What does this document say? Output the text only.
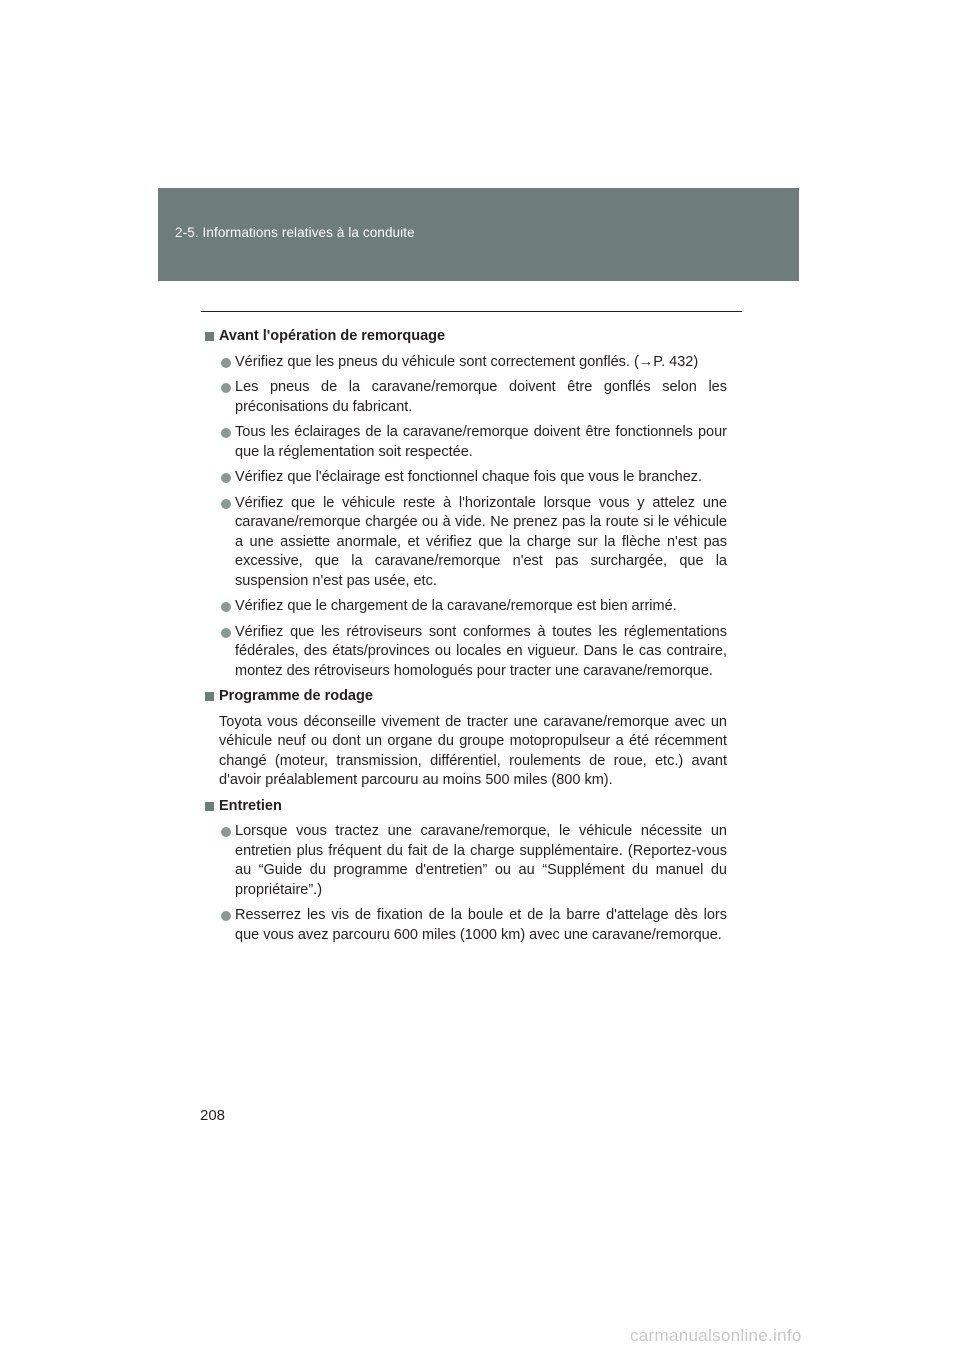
2-5. Informations relatives à la conduite
Avant l'opération de remorquage
Vérifiez que les pneus du véhicule sont correctement gonflés. (→P. 432)
Les pneus de la caravane/remorque doivent être gonflés selon les préconisations du fabricant.
Tous les éclairages de la caravane/remorque doivent être fonctionnels pour que la réglementation soit respectée.
Vérifiez que l'éclairage est fonctionnel chaque fois que vous le branchez.
Vérifiez que le véhicule reste à l'horizontale lorsque vous y attelez une caravane/remorque chargée ou à vide. Ne prenez pas la route si le véhicule a une assiette anormale, et vérifiez que la charge sur la flèche n'est pas excessive, que la caravane/remorque n'est pas surchargée, que la suspension n'est pas usée, etc.
Vérifiez que le chargement de la caravane/remorque est bien arrimé.
Vérifiez que les rétroviseurs sont conformes à toutes les réglementations fédérales, des états/provinces ou locales en vigueur. Dans le cas contraire, montez des rétroviseurs homologués pour tracter une caravane/remorque.
Programme de rodage
Toyota vous déconseille vivement de tracter une caravane/remorque avec un véhicule neuf ou dont un organe du groupe motopropulseur a été récemment changé (moteur, transmission, différentiel, roulements de roue, etc.) avant d'avoir préalablement parcouru au moins 500 miles (800 km).
Entretien
Lorsque vous tractez une caravane/remorque, le véhicule nécessite un entretien plus fréquent du fait de la charge supplémentaire. (Reportez-vous au “Guide du programme d'entretien” ou au “Supplément du manuel du propriétaire”.)
Resserrez les vis de fixation de la boule et de la barre d'attelage dès lors que vous avez parcouru 600 miles (1000 km) avec une caravane/remorque.
208
carmanualsonline.info
